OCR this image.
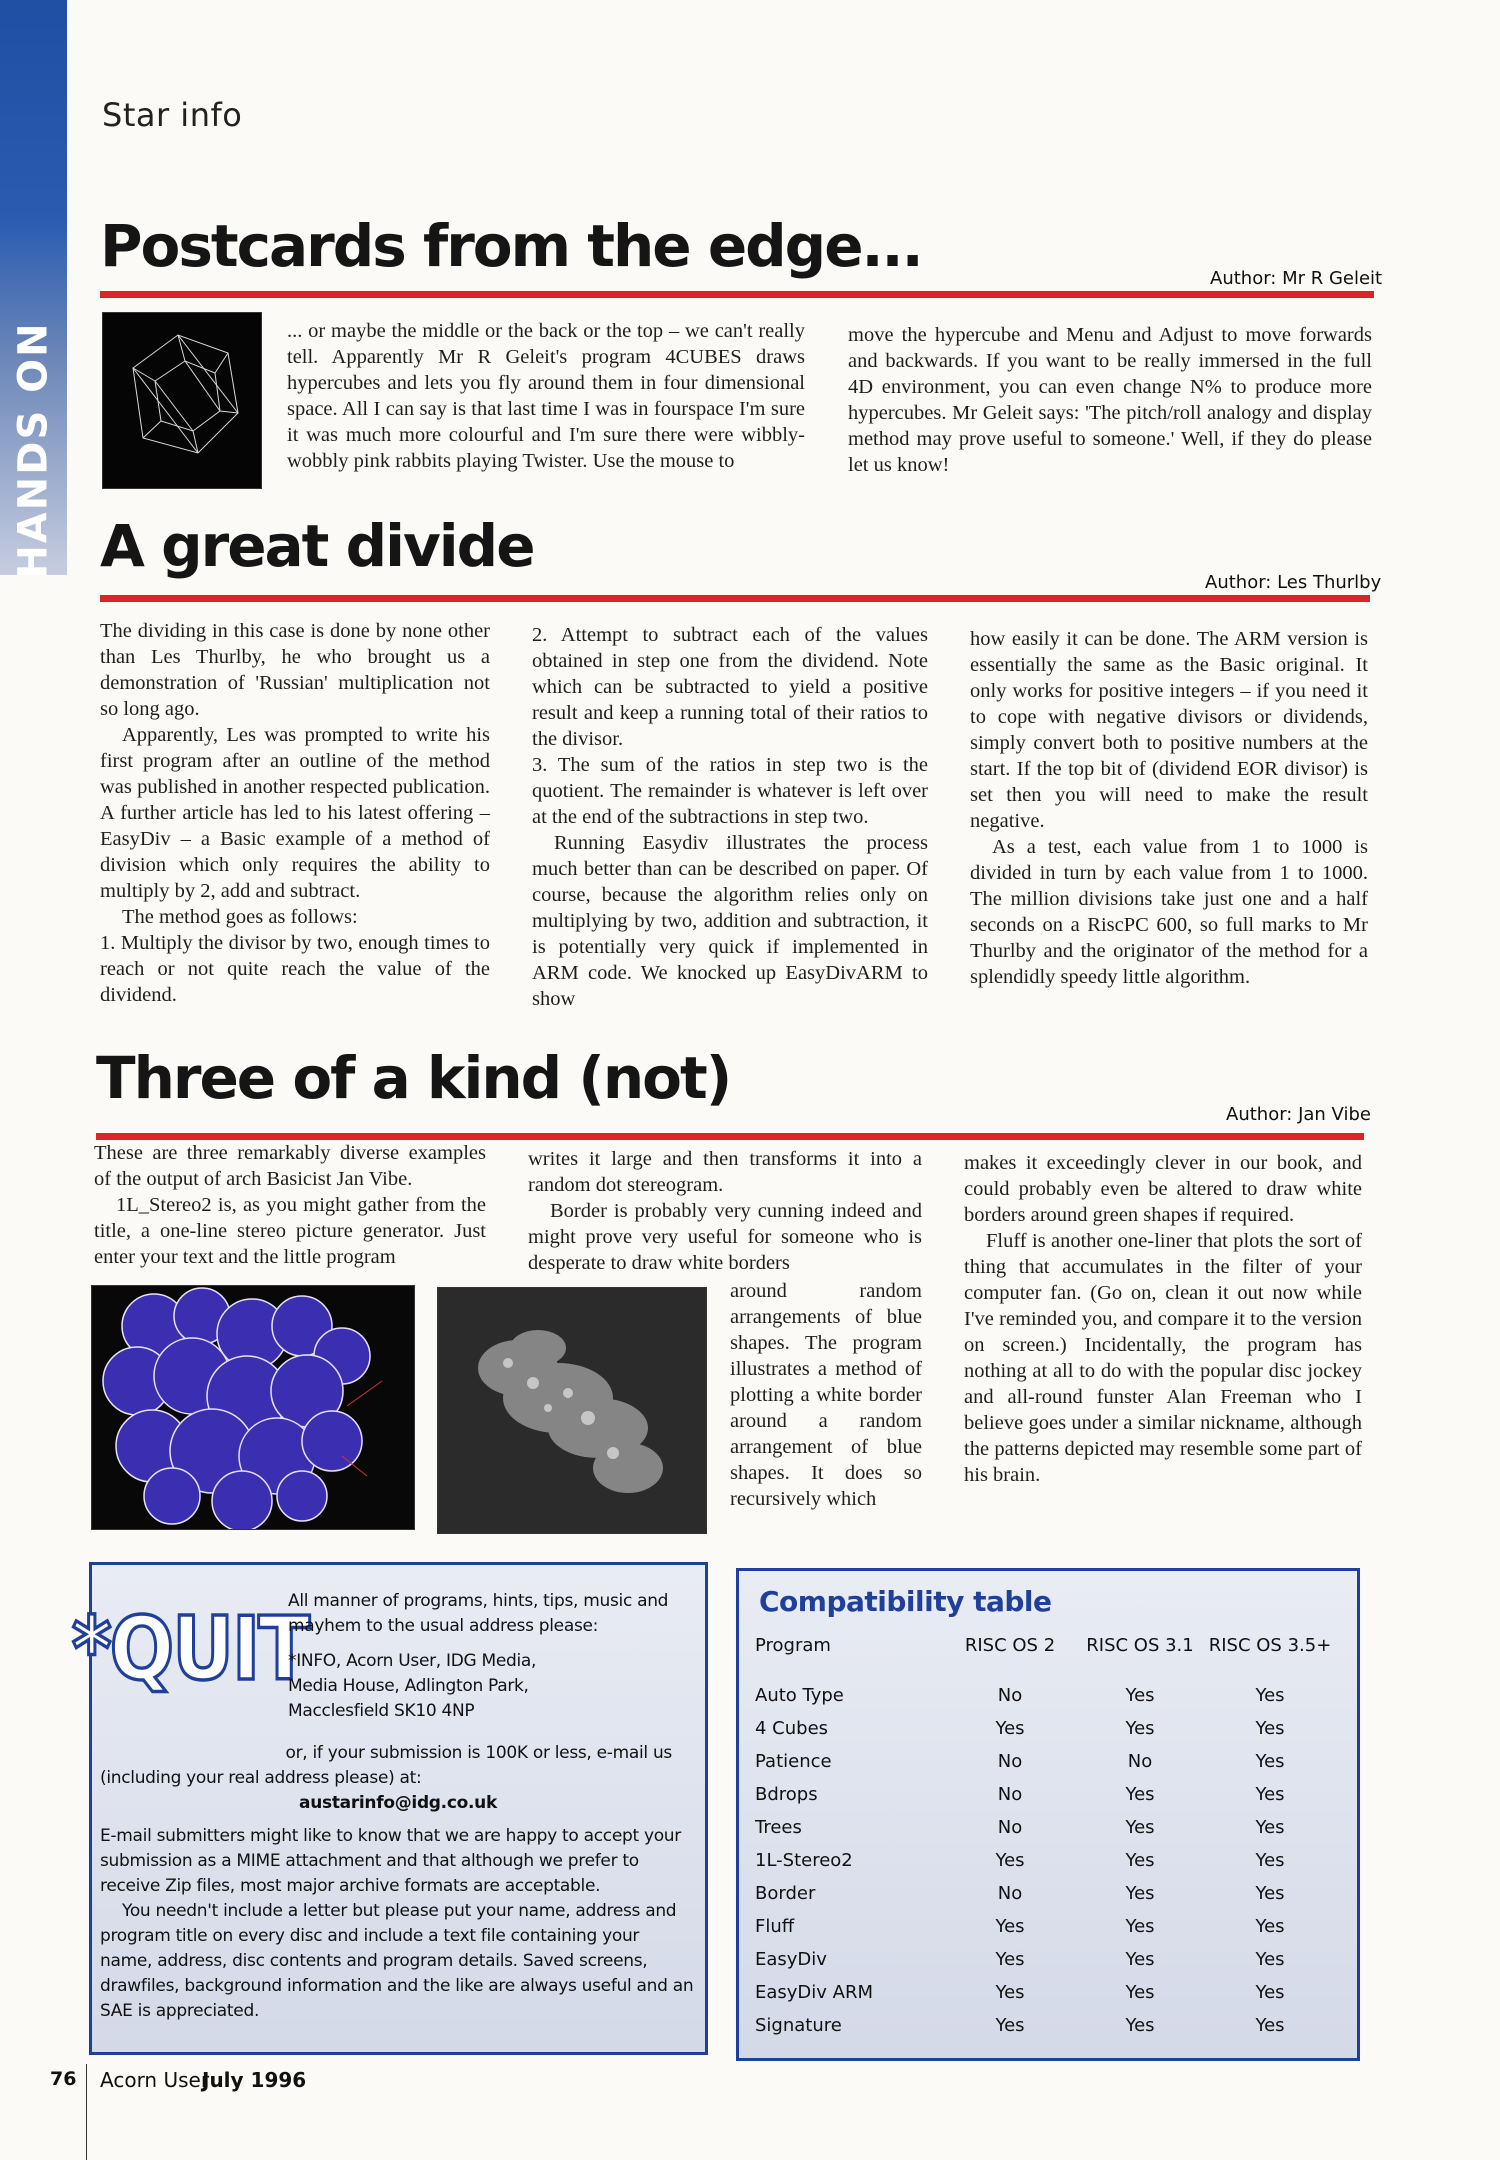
HANDS ON
Star info
Postcards from the edge...	Author: Mr R Geleit

... or maybe the middle or the back or the top – we can't really tell. Apparently Mr R Geleit's program 4CUBES draws hypercubes and lets you fly around them in four dimensional space. All I can say is that last time I was in fourspace I'm sure it was much more colourful and I'm sure there were wibbly-wobbly pink rabbits playing Twister. Use the mouse to

move the hypercube and Menu and Adjust to move forwards and backwards. If you want to be really immersed in the full 4D environment, you can even change N% to produce more hypercubes. Mr Geleit says: 'The pitch/roll analogy and display method may prove useful to someone.' Well, if they do please let us know!

A great divide
Author: Les Thurlby

The dividing in this case is done by none other than Les Thurlby, he who brought us a demonstration of 'Russian' multiplication not so long ago.

Apparently, Les was prompted to write his first program after an outline of the method was published in another respected publication. A further article has led to his latest offering – EasyDiv – a Basic example of a method of division which only requires the ability to multiply by 2, add and subtract.

The method goes as follows:

1. Multiply the divisor by two, enough times to reach or not quite reach the value of the dividend.

2. Attempt to subtract each of the values obtained in step one from the dividend. Note which can be subtracted to yield a positive result and keep a running total of their ratios to the divisor.

3. The sum of the ratios in step two is the quotient. The remainder is whatever is left over at the end of the subtractions in step two.

Running Easydiv illustrates the process much better than can be described on paper. Of course, because the algorithm relies only on multiplying by two, addition and subtraction, it is potentially very quick if implemented in ARM code. We knocked up EasyDivARM to show

how easily it can be done. The ARM version is essentially the same as the Basic original. It only works for positive integers – if you need it to cope with negative divisors or dividends, simply convert both to positive numbers at the start. If the top bit of (dividend EOR divisor) is set then you will need to make the result negative.

As a test, each value from 1 to 1000 is divided in turn by each value from 1 to 1000. The million divisions take just one and a half seconds on a RiscPC 600, so full marks to Mr Thurlby and the originator of the method for a splendidly speedy little algorithm.

Three of a kind (not)
Author: Jan Vibe

These are three remarkably diverse examples of the output of arch Basicist Jan Vibe.

1L_Stereo2 is, as you might gather from the title, a one-line stereo picture generator. Just enter your text and the little program

writes it large and then transforms it into a random dot stereogram.

Border is probably very cunning indeed and might prove very useful for someone who is desperate to draw white borders

around random arrangements of blue shapes. The program illustrates a method of plotting a white border around a random arrangement of blue shapes. It does so recursively which

makes it exceedingly clever in our book, and could probably even be altered to draw white borders around green shapes if required.

Fluff is another one-liner that plots the sort of thing that accumulates in the filter of your computer fan. (Go on, clean it out now while I've reminded you, and compare it to the version on screen.) Incidentally, the program has nothing at all to do with the popular disc jockey and all-round funster Alan Freeman who I believe goes under a similar nickname, although the patterns depicted may resemble some part of his brain.

*QUIT

All manner of programs, hints, tips, music and mayhem to the usual address please:

*INFO, Acorn User, IDG Media,

Media House, Adlington Park,

Macclesfield SK10 4NP

or, if your submission is 100K or less, e-mail us

(including your real address please) at:

austarinfo@idg.co.uk

E-mail submitters might like to know that we are happy to accept your submission as a MIME attachment and that although we prefer to receive Zip files, most major archive formats are acceptable.

You needn't include a letter but please put your name, address and program title on every disc and include a text file containing your name, address, disc contents and program details. Saved screens, drawfiles, background information and the like are always useful and an SAE is appreciated.

Compatibility table
Program	RISC OS 2	RISC OS 3.1	RISC OS 3.5+
Auto Type	No	Yes	Yes
4 Cubes	Yes	Yes	Yes
Patience	No	No	Yes
Bdrops	No	Yes	Yes
Trees	No	Yes	Yes
1L-Stereo2	Yes	Yes	Yes
Border	No	Yes	Yes
Fluff	Yes	Yes	Yes
EasyDiv	Yes	Yes	Yes
EasyDiv ARM	Yes	Yes	Yes
Signature	Yes	Yes	Yes
76 Acorn User
July 1996
